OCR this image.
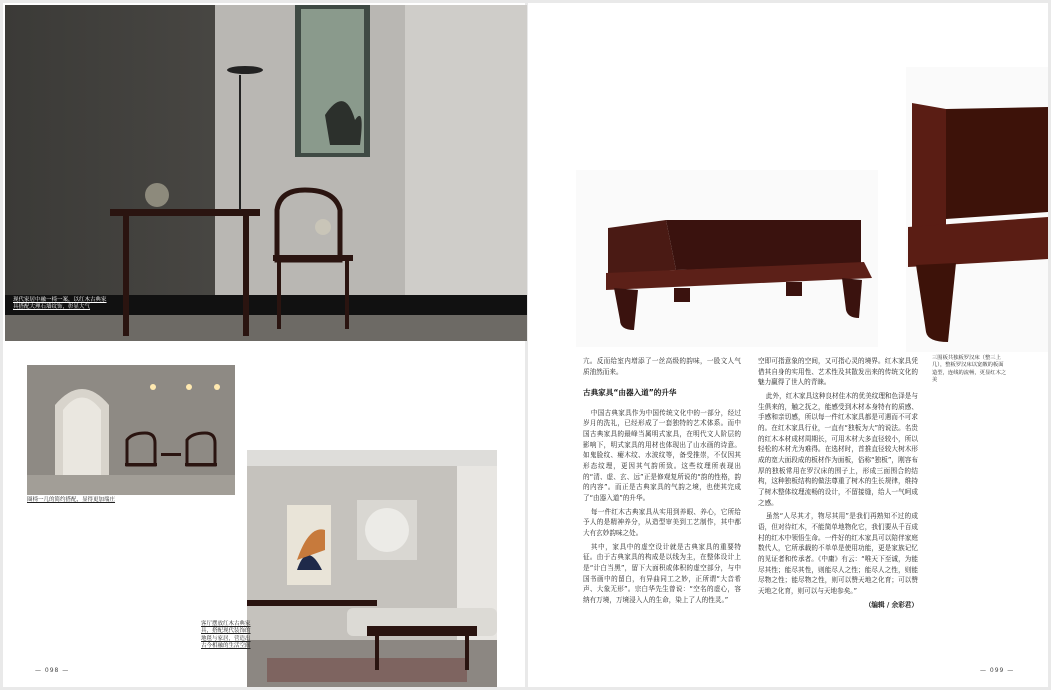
现代家居中融一椅一案，以红木古典家具搭配大理石墙纹饰，彰显大气
圈椅一几的简约搭配，显得更加端庄
客厅摆放红木古典家具，搭配现代装饰的地毯与家居，营造出古今相融的生活空间
— 098 —

亢。反而给室内增添了一丝高级的韵味，一股文人气质油然而来。

古典家具“由器入道”的升华

中国古典家具作为中国传统文化中的一部分，经过岁月的洗礼，已经形成了一套独特的艺术体系。而中国古典家具的最峰当属明式家具，在明代文人阶层的影响下，明式家具的用材也体现出了山水画的诗意。如鬼脸纹、瘿木纹、水波纹等，备受推崇，不仅因其形态纹理，更因其气韵所致。这些纹理所表现出的“清、虚、玄、远”正是修观复所说的“韵的性格，韵的内容”。而正是古典家具的气韵之境，也使其完成了“由器入道”的升华。

每一件红木古典家具从实用到养眼、养心，它所给予人的是精神养分，从造型审美到工艺制作，其中都大有玄妙韵味之处。

其中，家具中的虚空设计就是古典家具的重要特征。由于古典家具的构成是以线为主，在整体设计上是“计白当黑”，留下大面积或体积的虚空部分，与中国书画中的留白，有异曲同工之妙，正所谓“大音希声、大象无形”。宗白华先生曾说：“空名的虚心，容纳有万境，万境浸入人的生命，染上了人的性灵。”

空即可指意象的空间，又可指心灵的境界。红木家具凭借其自身的实用性、艺术性及其散发出来的传统文化的魅力赢得了世人的青睐。

此外，红木家具这种良材佳木的优美纹理和色泽是与生俱来的，触之抚之，能感受到木材本身特有的质感、手感和亲切感，所以每一件红木家具都是可遇而不可求的。在红木家具行业，一直有“独板为大”的说法。名贵的红木本材成材周期长，可用木材大多直径较小，所以轻松的木材尤为难得。在选材时，首推直径较大树木形成的宽大面段成的板材作为面板，俗称“独板”，刚容布厚的独板常用在罗汉床的围子上，形成三面围合的结构，这种独板结构的做法尊重了树木的生长规律，维持了树木整体纹理流畅的设计，不留接缝，给人一气呵成之感。

虽然“人尽其才，物尽其用”是我们再熟知不过的成语，但对待红木，不能简单地物化它，我们要从千百成村的红木中领悟生命。一件好的红木家具可以陪伴家庭数代人，它所承载的不单单是使用功能，更是家族记忆的见证者和传承者。《中庸》有云：“唯天下至诚，为能尽其性；能尽其性，则能尽人之性；能尽人之性，则能尽物之性；能尽物之性，则可以赞天地之化育；可以赞天地之化育，则可以与天地参矣。”

（编辑 / 余彩君）
三围板共独板罗汉床（整三上几），整板罗汉床以宽敞的板面造型，连线的流畅，更显红木之美
— 099 —
